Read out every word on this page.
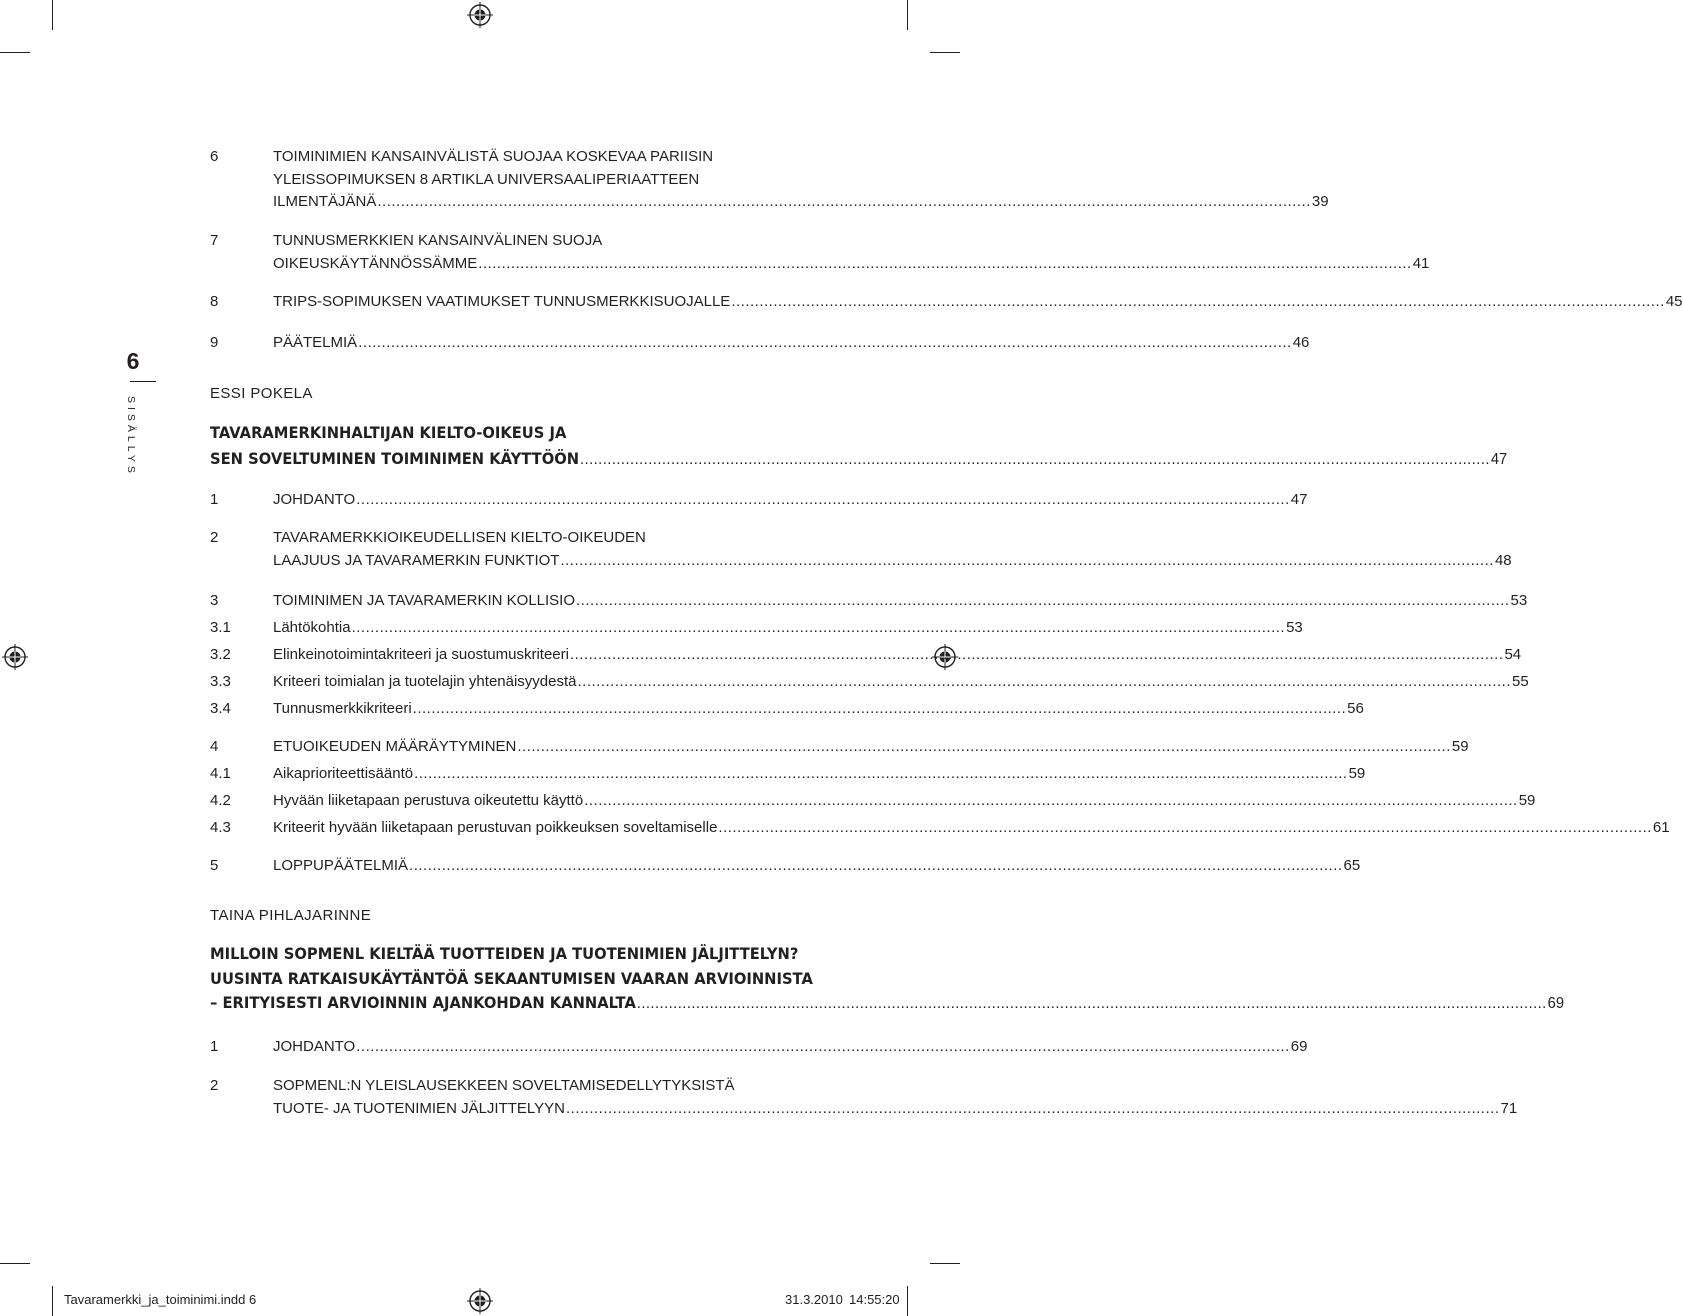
6
SISÄLLYS
6	TOIMINIMIEN KANSAINVÄLISTÄ SUOJAA KOSKEVAA PARIISIN
YLEISSOPIMUKSEN 8 ARTIKLA UNIVERSAALIPERIAATTEEN
ILMENTÄJÄNÄ ........................................................................................................................................................................................................ 39
7	TUNNUSMERKKIEN KANSAINVÄLINEN SUOJA
OIKEUSKÄYTÄNNÖSSÄMME ........................................................................................................................................................................................................ 41
8	TRIPS-SOPIMUKSEN VAATIMUKSET TUNNUSMERKKISUOJALLE ........................................................................................................................................................................................................ 45
9	PÄÄTELMIÄ ........................................................................................................................................................................................................ 46
ESSI POKELA
TAVARAMERKINHALTIJAN KIELTO-OIKEUS JA
SEN SOVELTUMINEN TOIMINIMEN KÄYTTÖÖN ........................................................................................................................................................................................................ 47
1	JOHDANTO ........................................................................................................................................................................................................ 47
2	TAVARAMERKKIOIKEUDELLISEN KIELTO-OIKEUDEN
LAAJUUS JA TAVARAMERKIN FUNKTIOT ........................................................................................................................................................................................................ 48
3	TOIMINIMEN JA TAVARAMERKIN KOLLISIO ........................................................................................................................................................................................................ 53
3.1	Lähtökohtia ........................................................................................................................................................................................................ 53
3.2	Elinkeinotoimintakriteeri ja suostumuskriteeri ........................................................................................................................................................................................................ 54
3.3	Kriteeri toimialan ja tuotelajin yhtenäisyydestä ........................................................................................................................................................................................................ 55
3.4	Tunnusmerkkikriteeri ........................................................................................................................................................................................................ 56
4	ETUOIKEUDEN MÄÄRÄYTYMINEN ........................................................................................................................................................................................................ 59
4.1	Aikaprioriteettisääntö ........................................................................................................................................................................................................ 59
4.2	Hyvään liiketapaan perustuva oikeutettu käyttö ........................................................................................................................................................................................................ 59
4.3	Kriteerit hyvään liiketapaan perustuvan poikkeuksen soveltamiselle ........................................................................................................................................................................................................ 61
5	LOPPUPÄÄTELMIÄ ........................................................................................................................................................................................................ 65
TAINA PIHLAJARINNE
MILLOIN SOPMENL KIELTÄÄ TUOTTEIDEN JA TUOTENIMIEN JÄLJITTELYN?
UUSINTA RATKAISUKÄYTÄNTÖÄ SEKAANTUMISEN VAARAN ARVIOINNISTA
– ERITYISESTI ARVIOINNIN AJANKOHDAN KANNALTA ........................................................................................................................................................................................................ 69
1	JOHDANTO ........................................................................................................................................................................................................ 69
2	SOPMENL:N YLEISLAUSEKKEEN SOVELTAMISEDELLYTYKSISTÄ
TUOTE- JA TUOTENIMIEN JÄLJITTELYYN ........................................................................................................................................................................................................ 71
Tavaramerkki_ja_toiminimi.indd 6	31.3.2010 14:55:20
